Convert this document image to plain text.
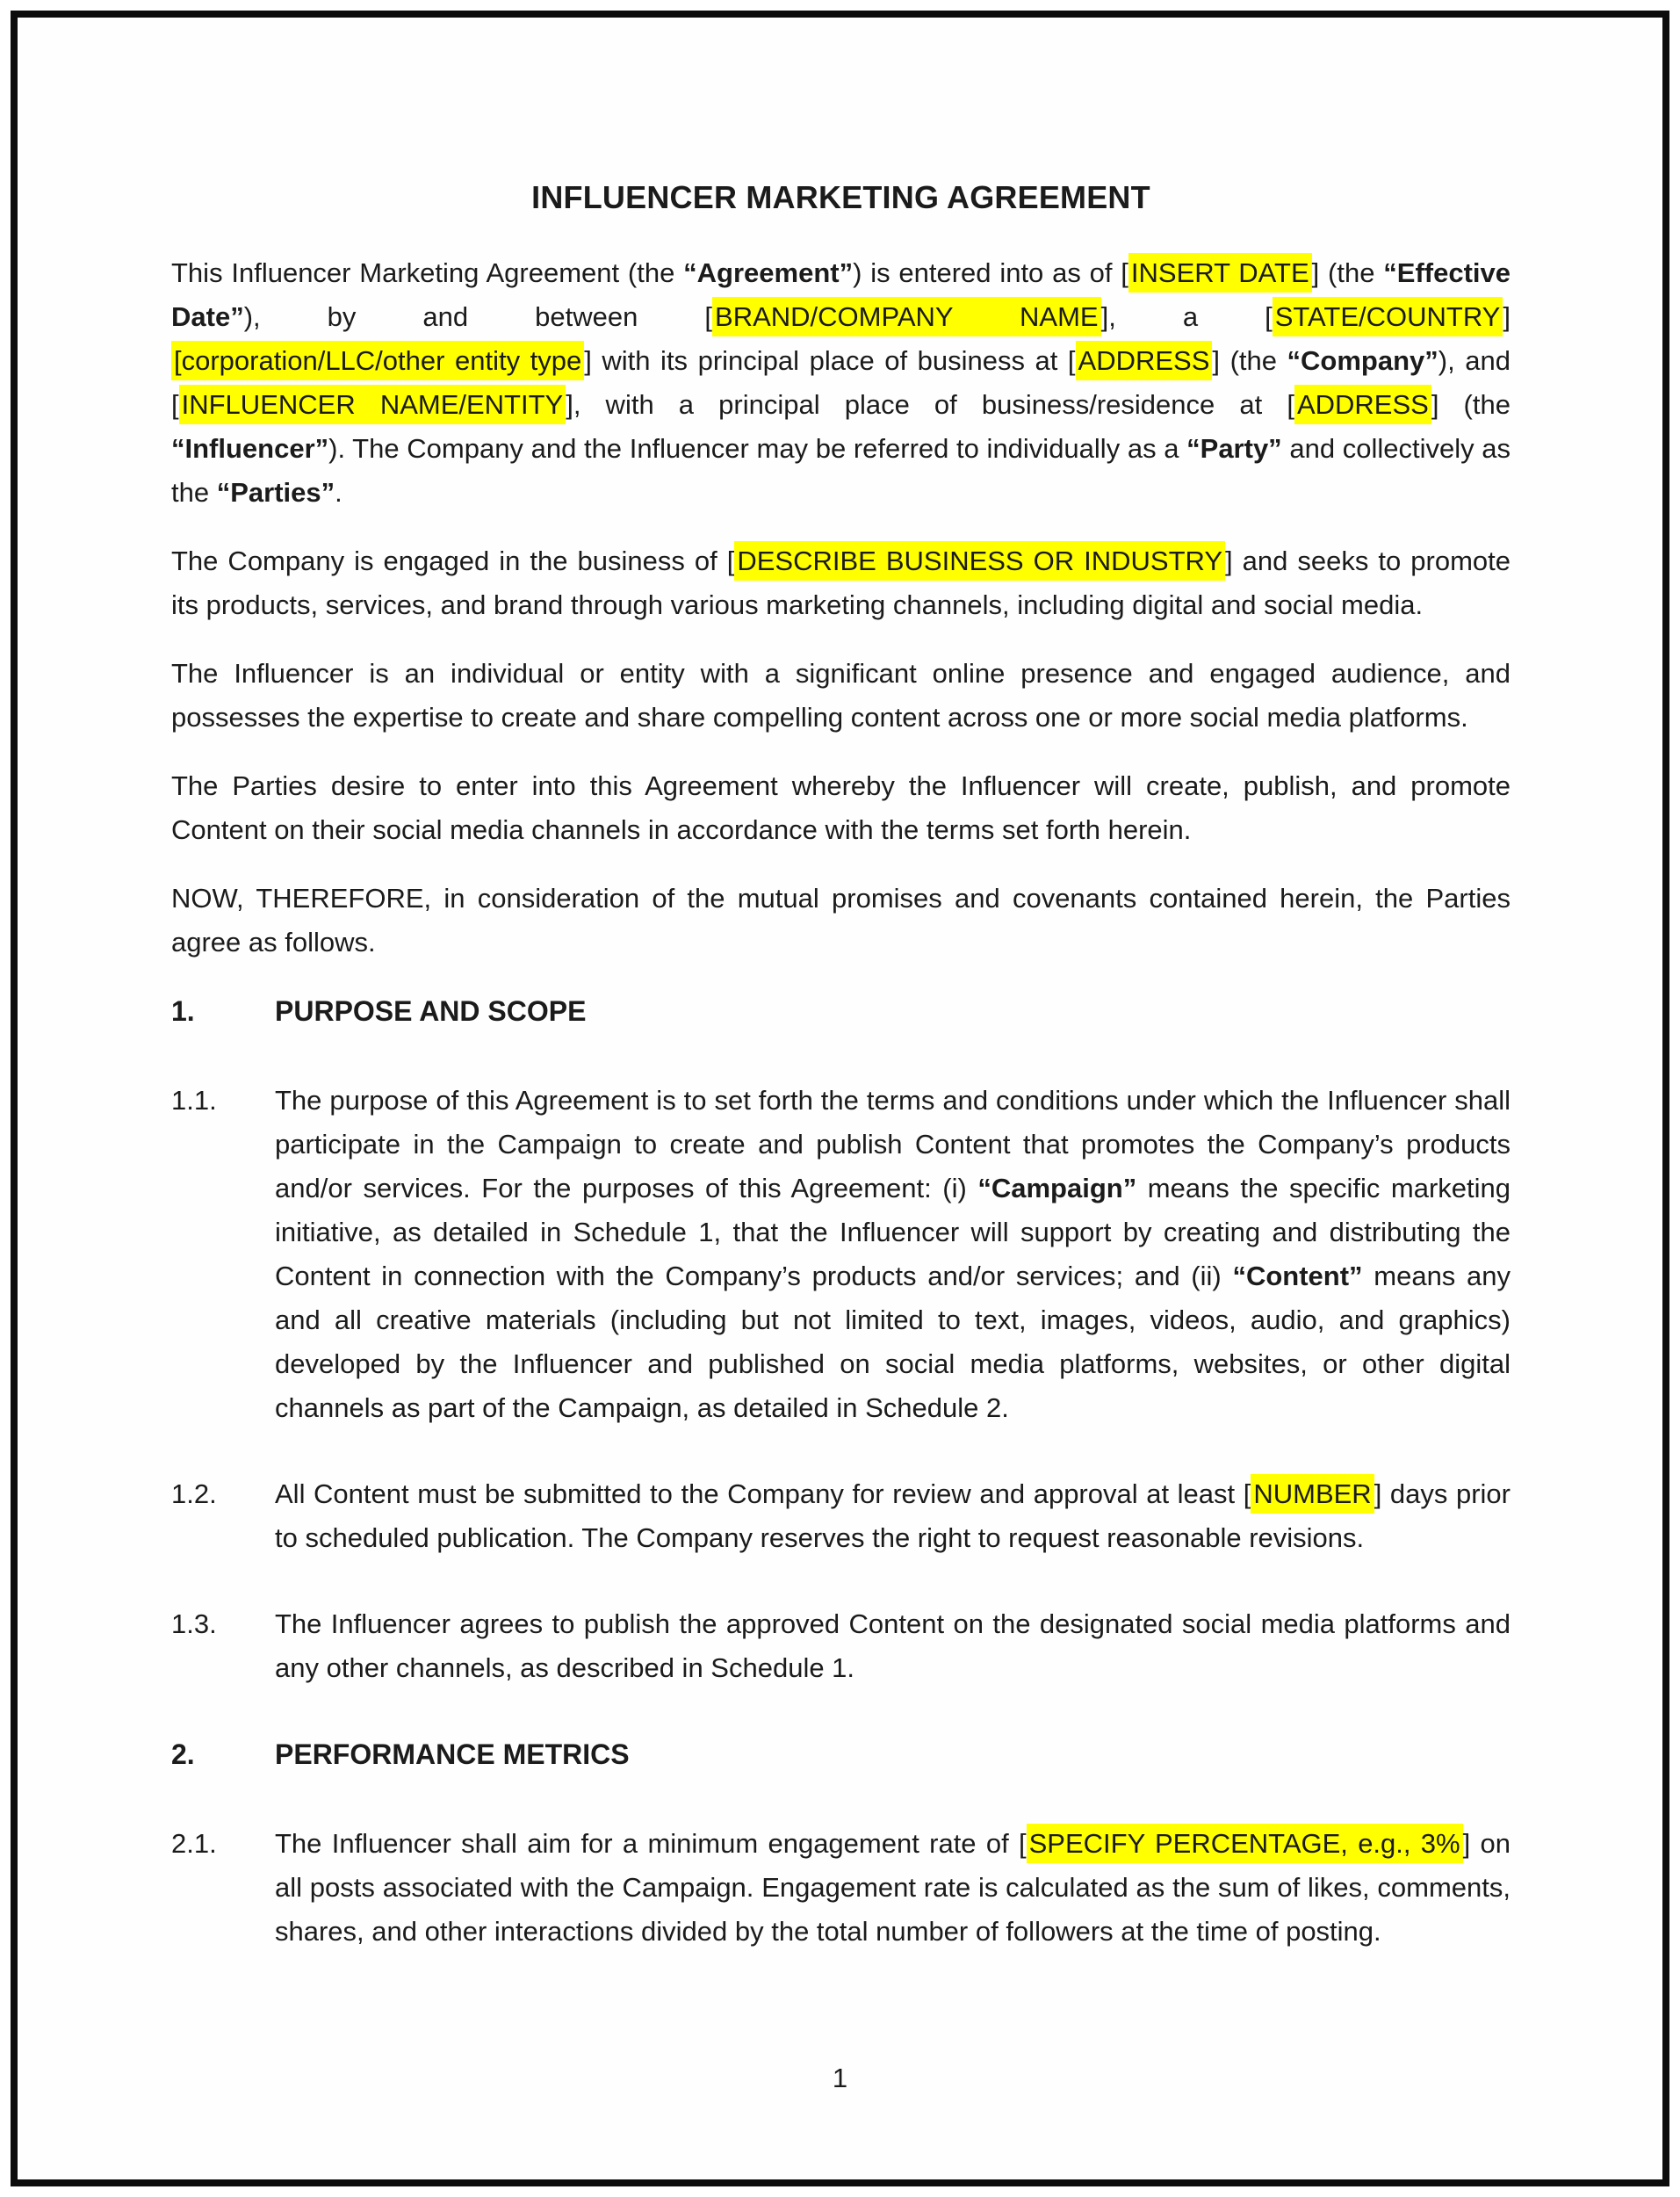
INFLUENCER MARKETING AGREEMENT

This Influencer Marketing Agreement (the “Agreement”) is entered into as of [INSERT DATE] (the “Effective Date”), by and between [BRAND/COMPANY NAME], a [STATE/COUNTRY] [corporation/LLC/other entity type] with its principal place of business at [ADDRESS] (the “Company”), and [INFLUENCER NAME/ENTITY], with a principal place of business/residence at [ADDRESS] (the “Influencer”). The Company and the Influencer may be referred to individually as a “Party” and collectively as the “Parties”.

The Company is engaged in the business of [DESCRIBE BUSINESS OR INDUSTRY] and seeks to promote its products, services, and brand through various marketing channels, including digital and social media.

The Influencer is an individual or entity with a significant online presence and engaged audience, and possesses the expertise to create and share compelling content across one or more social media platforms.

The Parties desire to enter into this Agreement whereby the Influencer will create, publish, and promote Content on their social media channels in accordance with the terms set forth herein.

NOW, THEREFORE, in consideration of the mutual promises and covenants contained herein, the Parties agree as follows.

1.	PURPOSE AND SCOPE
1.1.	The purpose of this Agreement is to set forth the terms and conditions under which the Influencer shall participate in the Campaign to create and publish Content that promotes the Company’s products and/or services. For the purposes of this Agreement: (i) “Campaign” means the specific marketing initiative, as detailed in Schedule 1, that the Influencer will support by creating and distributing the Content in connection with the Company’s products and/or services; and (ii) “Content” means any and all creative materials (including but not limited to text, images, videos, audio, and graphics) developed by the Influencer and published on social media platforms, websites, or other digital channels as part of the Campaign, as detailed in Schedule 2.
1.2.	All Content must be submitted to the Company for review and approval at least [NUMBER] days prior to scheduled publication. The Company reserves the right to request reasonable revisions.
1.3.	The Influencer agrees to publish the approved Content on the designated social media platforms and any other channels, as described in Schedule 1.
2.	PERFORMANCE METRICS
2.1.	The Influencer shall aim for a minimum engagement rate of [SPECIFY PERCENTAGE, e.g., 3%] on all posts associated with the Campaign. Engagement rate is calculated as the sum of likes, comments, shares, and other interactions divided by the total number of followers at the time of posting.
1
